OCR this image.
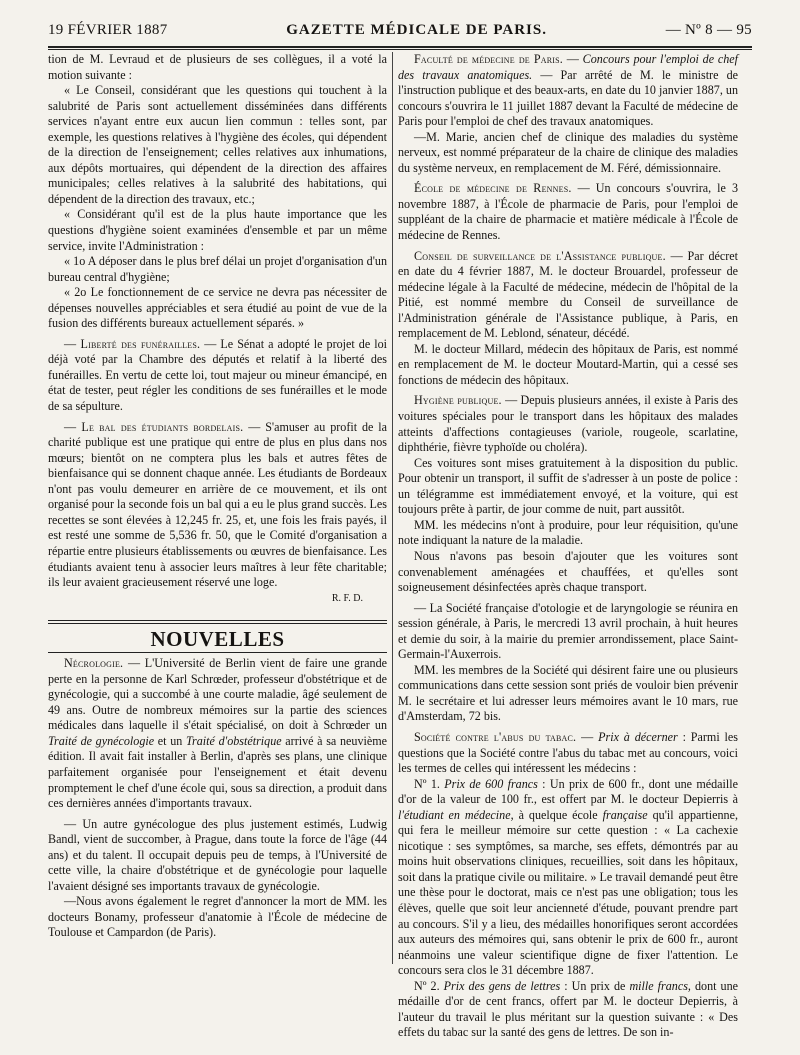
19 FÉVRIER 1887	GAZETTE MÉDICALE DE PARIS.	— Nº 8 — 95

tion de M. Levraud et de plusieurs de ses collègues, il a voté la motion suivante :

« Le Conseil, considérant que les questions qui touchent à la salubrité de Paris sont actuellement disséminées dans différents services n'ayant entre eux aucun lien commun : telles sont, par exemple, les questions relatives à l'hygiène des écoles, qui dépendent de la direction de l'enseignement; celles relatives aux inhumations, aux dépôts mortuaires, qui dépendent de la direction des affaires municipales; celles relatives à la salubrité des habitations, qui dépendent de la direction des travaux, etc.;

« Considérant qu'il est de la plus haute importance que les questions d'hygiène soient examinées d'ensemble et par un même service, invite l'Administration :

« 1o A déposer dans le plus bref délai un projet d'organisation d'un bureau central d'hygiène;

« 2o Le fonctionnement de ce service ne devra pas nécessiter de dépenses nouvelles appréciables et sera étudié au point de vue de la fusion des différents bureaux actuellement séparés. »

— Liberté des funérailles. — Le Sénat a adopté le projet de loi déjà voté par la Chambre des députés et relatif à la liberté des funérailles. En vertu de cette loi, tout majeur ou mineur émancipé, en état de tester, peut régler les conditions de ses funérailles et le mode de sa sépulture.

— Le bal des étudiants bordelais. — S'amuser au profit de la charité publique est une pratique qui entre de plus en plus dans nos mœurs; bientôt on ne comptera plus les bals et autres fêtes de bienfaisance qui se donnent chaque année. Les étudiants de Bordeaux n'ont pas voulu demeurer en arrière de ce mouvement, et ils ont organisé pour la seconde fois un bal qui a eu le plus grand succès. Les recettes se sont élevées à 12,245 fr. 25, et, une fois les frais payés, il est resté une somme de 5,536 fr. 50, que le Comité d'organisation a répartie entre plusieurs établissements ou œuvres de bienfaisance. Les étudiants avaient tenu à associer leurs maîtres à leur fête charitable; ils leur avaient gracieusement réservé une loge.

R. F. D.

NOUVELLES

Nécrologie. — L'Université de Berlin vient de faire une grande perte en la personne de Karl Schrœder, professeur d'obstétrique et de gynécologie, qui a succombé à une courte maladie, âgé seulement de 49 ans. Outre de nombreux mémoires sur la partie des sciences médicales dans laquelle il s'était spécialisé, on doit à Schrœder un Traité de gynécologie et un Traité d'obstétrique arrivé à sa neuvième édition. Il avait fait installer à Berlin, d'après ses plans, une clinique parfaitement organisée pour l'enseignement et était devenu promptement le chef d'une école qui, sous sa direction, a produit dans ces dernières années d'importants travaux.

— Un autre gynécologue des plus justement estimés, Ludwig Bandl, vient de succomber, à Prague, dans toute la force de l'âge (44 ans) et du talent. Il occupait depuis peu de temps, à l'Université de cette ville, la chaire d'obstétrique et de gynécologie pour laquelle l'avaient désigné ses importants travaux de gynécologie.

—Nous avons également le regret d'annoncer la mort de MM. les docteurs Bonamy, professeur d'anatomie à l'École de médecine de Toulouse et Campardon (de Paris).

Faculté de médecine de Paris. — Concours pour l'emploi de chef des travaux anatomiques. — Par arrêté de M. le ministre de l'instruction publique et des beaux-arts, en date du 10 janvier 1887, un concours s'ouvrira le 11 juillet 1887 devant la Faculté de médecine de Paris pour l'emploi de chef des travaux anatomiques.

—M. Marie, ancien chef de clinique des maladies du système nerveux, est nommé préparateur de la chaire de clinique des maladies du système nerveux, en remplacement de M. Féré, démissionnaire.

École de médecine de Rennes. — Un concours s'ouvrira, le 3 novembre 1887, à l'École de pharmacie de Paris, pour l'emploi de suppléant de la chaire de pharmacie et matière médicale à l'École de médecine de Rennes.

Conseil de surveillance de l'Assistance publique. — Par décret en date du 4 février 1887, M. le docteur Brouardel, professeur de médecine légale à la Faculté de médecine, médecin de l'hôpital de la Pitié, est nommé membre du Conseil de surveillance de l'Administration générale de l'Assistance publique, à Paris, en remplacement de M. Leblond, sénateur, décédé.

M. le docteur Millard, médecin des hôpitaux de Paris, est nommé en remplacement de M. le docteur Moutard-Martin, qui a cessé ses fonctions de médecin des hôpitaux.

Hygiène publique. — Depuis plusieurs années, il existe à Paris des voitures spéciales pour le transport dans les hôpitaux des malades atteints d'affections contagieuses (variole, rougeole, scarlatine, diphthérie, fièvre typhoïde ou choléra).

Ces voitures sont mises gratuitement à la disposition du public. Pour obtenir un transport, il suffit de s'adresser à un poste de police : un télégramme est immédiatement envoyé, et la voiture, qui est toujours prête à partir, de jour comme de nuit, part aussitôt.

MM. les médecins n'ont à produire, pour leur réquisition, qu'une note indiquant la nature de la maladie.

Nous n'avons pas besoin d'ajouter que les voitures sont convenablement aménagées et chauffées, et qu'elles sont soigneusement désinfectées après chaque transport.

— La Société française d'otologie et de laryngologie se réunira en session générale, à Paris, le mercredi 13 avril prochain, à huit heures et demie du soir, à la mairie du premier arrondissement, place Saint-Germain-l'Auxerrois.

MM. les membres de la Société qui désirent faire une ou plusieurs communications dans cette session sont priés de vouloir bien prévenir M. le secrétaire et lui adresser leurs mémoires avant le 10 mars, rue d'Amsterdam, 72 bis.

Société contre l'abus du tabac. — Prix à décerner : Parmi les questions que la Société contre l'abus du tabac met au concours, voici les termes de celles qui intéressent les médecins :

Nº 1. Prix de 600 francs : Un prix de 600 fr., dont une médaille d'or de la valeur de 100 fr., est offert par M. le docteur Depierris à l'étudiant en médecine, à quelque école française qu'il appartienne, qui fera le meilleur mémoire sur cette question : « La cachexie nicotique : ses symptômes, sa marche, ses effets, démontrés par au moins huit observations cliniques, recueillies, soit dans les hôpitaux, soit dans la pratique civile ou militaire. » Le travail demandé peut être une thèse pour le doctorat, mais ce n'est pas une obligation; tous les élèves, quelle que soit leur ancienneté d'étude, pouvant prendre part au concours. S'il y a lieu, des médailles honorifiques seront accordées aux auteurs des mémoires qui, sans obtenir le prix de 600 fr., auront néanmoins une valeur scientifique digne de fixer l'attention. Le concours sera clos le 31 décembre 1887.

Nº 2. Prix des gens de lettres : Un prix de mille francs, dont une médaille d'or de cent francs, offert par M. le docteur Depierris, à l'auteur du travail le plus méritant sur la question suivante : « Des effets du tabac sur la santé des gens de lettres. De son in-
